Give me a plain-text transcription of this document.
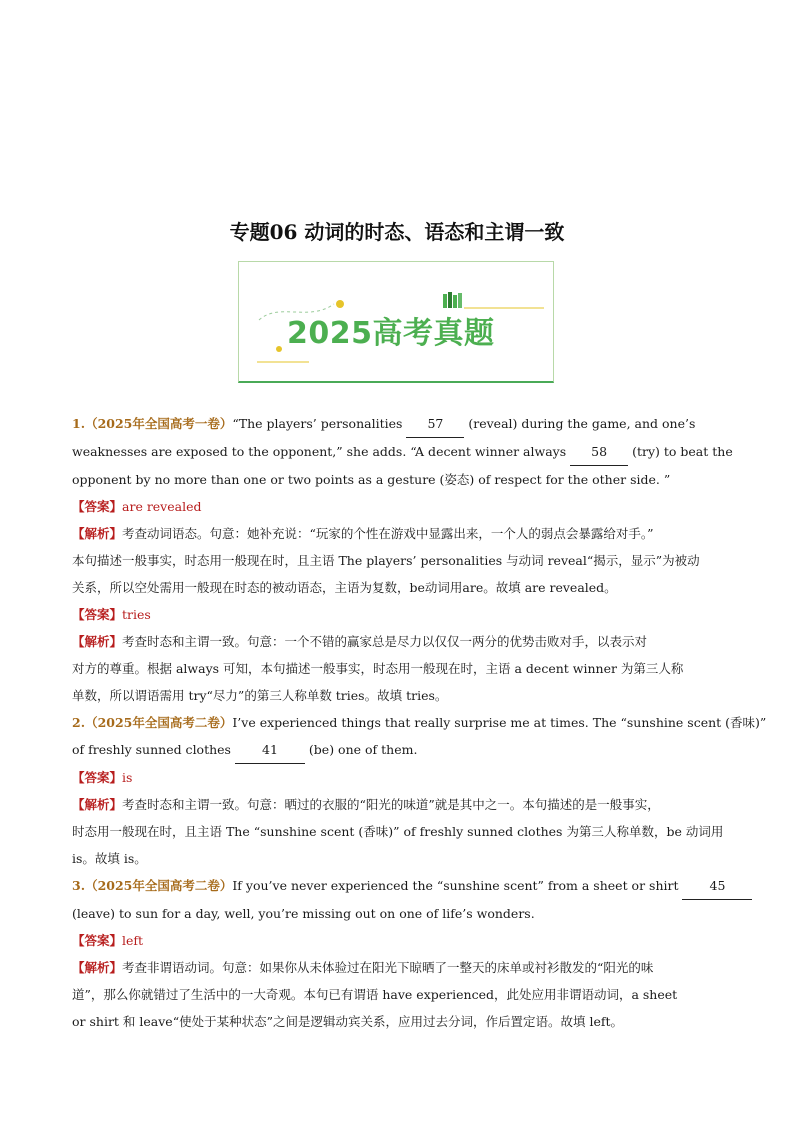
专题06 动词的时态、语态和主谓一致
2025高考真题
1.（2025年全国高考一卷）“The players’ personalities 57 (reveal) during the game, and one’s
weaknesses are exposed to the opponent,” she adds. “A decent winner always 58 (try) to beat the
opponent by no more than one or two points as a gesture (姿态) of respect for the other side. ”
【答案】are revealed
【解析】考查动词语态。句意：她补充说：“玩家的个性在游戏中显露出来，一个人的弱点会暴露给对手。”
本句描述一般事实，时态用一般现在时，且主语 The players’ personalities 与动词 reveal“揭示，显示”为被动
关系，所以空处需用一般现在时态的被动语态，主语为复数，be动词用are。故填 are revealed。
【答案】tries
【解析】考查时态和主谓一致。句意：一个不错的赢家总是尽力以仅仅一两分的优势击败对手，以表示对
对方的尊重。根据 always 可知，本句描述一般事实，时态用一般现在时，主语 a decent winner 为第三人称
单数，所以谓语需用 try“尽力”的第三人称单数 tries。故填 tries。
2.（2025年全国高考二卷）I’ve experienced things that really surprise me at times. The “sunshine scent (香味)”
of freshly sunned clothes 41 (be) one of them.
【答案】is
【解析】考查时态和主谓一致。句意：晒过的衣服的“阳光的味道”就是其中之一。本句描述的是一般事实，
时态用一般现在时，且主语 The “sunshine scent (香味)” of freshly sunned clothes 为第三人称单数，be 动词用
is。故填 is。
3.（2025年全国高考二卷）If you’ve never experienced the “sunshine scent” from a sheet or shirt 45
(leave) to sun for a day, well, you’re missing out on one of life’s wonders.
【答案】left
【解析】考查非谓语动词。句意：如果你从未体验过在阳光下晾晒了一整天的床单或衬衫散发的“阳光的味
道”，那么你就错过了生活中的一大奇观。本句已有谓语 have experienced，此处应用非谓语动词，a sheet
or shirt 和 leave“使处于某种状态”之间是逻辑动宾关系，应用过去分词，作后置定语。故填 left。
